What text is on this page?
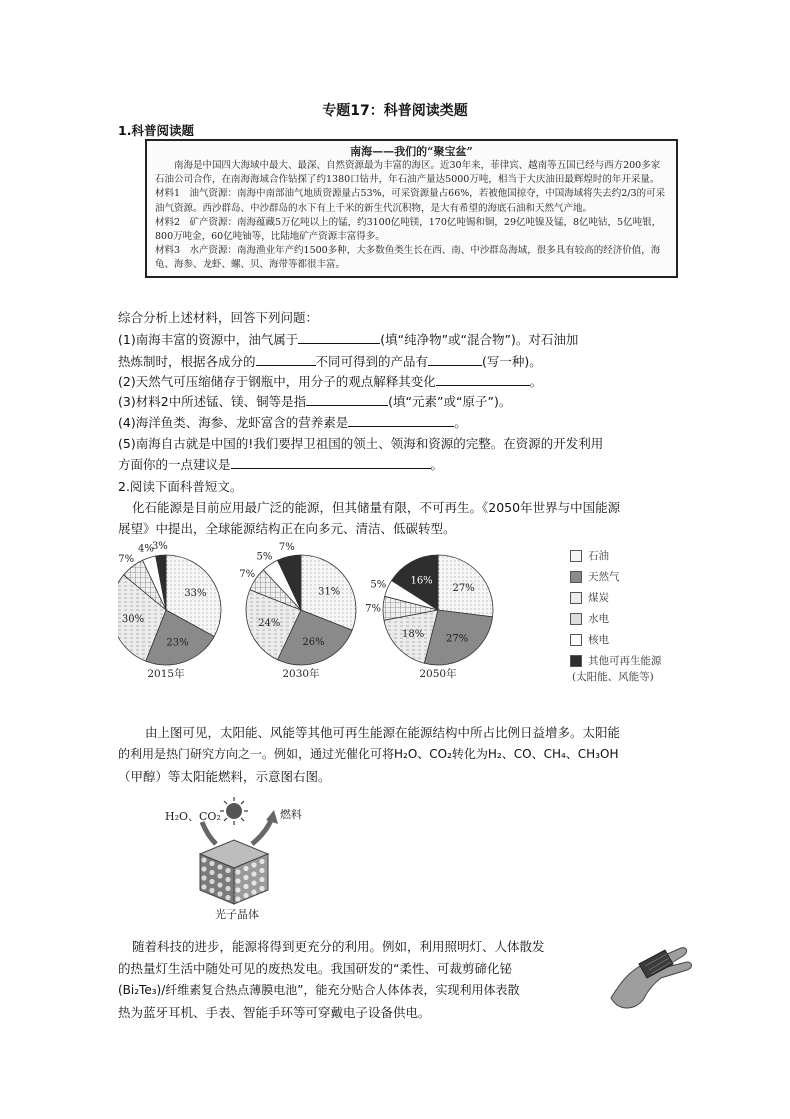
专题17：科普阅读类题
1.科普阅读题
南海——我们的“聚宝盆”

南海是中国四大海域中最大、最深、自然资源最为丰富的海区。近30年来，菲律宾、越南等五国已经与西方200多家石油公司合作，在南海海域合作钻探了约1380口钻井，年石油产量达5000万吨，相当于大庆油田最辉煌时的年开采量。

材料1　油气资源：南海中南部油气地质资源量占53%，可采资源量占66%，若被他国掠夺，中国海域将失去约2/3的可采油气资源。西沙群岛、中沙群岛的水下有上千米的新生代沉积物，是大有希望的海底石油和天然气产地。

材料2　矿产资源：南海蕴藏5万亿吨以上的锰，约3100亿吨镁，170亿吨锡和铜，29亿吨镍及锰，8亿吨钴，5亿吨银，800万吨金，60亿吨铀等，比陆地矿产资源丰富得多。

材料3　水产资源：南海渔业年产约1500多种，大多数鱼类生长在西、南、中沙群岛海域，很多具有较高的经济价值，海龟、海参、龙虾、螺、贝、海带等都很丰富。

综合分析上述材料，回答下列问题：
(1)南海丰富的资源中，油气属于	(填“纯净物”或“混合物”)。对石油加
热炼制时，根据各成分的	不同可得到的产品有	(写一种)。
(2)天然气可压缩储存于钢瓶中，用分子的观点解释其变化	。
(3)材料2中所述锰、镁、铜等是指	(填“元素”或“原子”)。
(4)海洋鱼类、海参、龙虾富含的营养素是	。
(5)南海自古就是中国的!我们要捍卫祖国的领土、领海和资源的完整。在资源的开发利用
方面你的一点建议是	。
2.阅读下面科普短文。
化石能源是目前应用最广泛的能源，但其储量有限，不可再生。《2050年世界与中国能源
展望》中提出，全球能源结构正在向多元、清洁、低碳转型。
33%
23%
30%
7%
4%
3%
2015年
31%
26%
24%
7%
5%
7%
2030年
27%
27%
18%
7%
5% 16%
2050年
石油
天然气
煤炭
水电
核电
其他可再生能源
(太阳能、风能等)
由上图可见，太阳能、风能等其他可再生能源在能源结构中所占比例日益增多。太阳能
的利用是热门研究方向之一。例如，通过光催化可将H₂O、CO₂转化为H₂、CO、CH₄、CH₃OH
（甲醇）等太阳能燃料，示意图右图。
H₂O、CO₂	燃料
光子晶体
随着科技的进步，能源将得到更充分的利用。例如，利用照明灯、人体散发
的热量灯生活中随处可见的废热发电。我国研发的“柔性、可裁剪碲化铋
(Bi₂Te₃)/纤维素复合热点薄膜电池”，能充分贴合人体体表，实现利用体表散
热为蓝牙耳机、手表、智能手环等可穿戴电子设备供电。
